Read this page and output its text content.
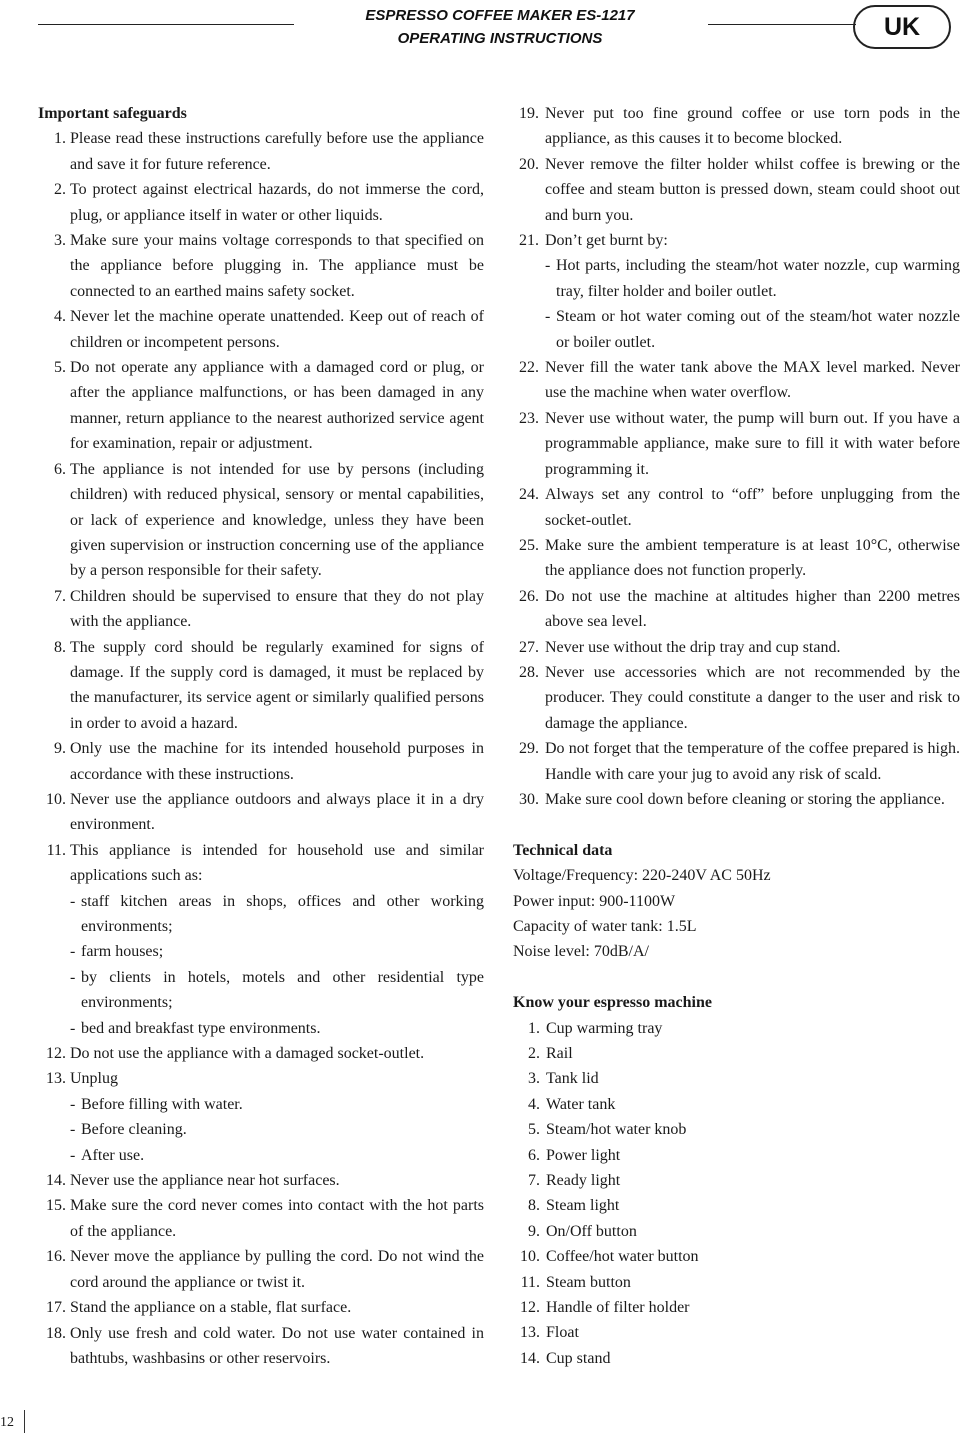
ESPRESSO COFFEE MAKER ES-1217
OPERATING INSTRUCTIONS	UK
Important safeguards
1. Please read these instructions carefully before use the appliance and save it for future reference.
2. To protect against electrical hazards, do not immerse the cord, plug, or appliance itself in water or other liquids.
3. Make sure your mains voltage corresponds to that specified on the appliance before plugging in. The appliance must be connected to an earthed mains safety socket.
4. Never let the machine operate unattended. Keep out of reach of children or incompetent persons.
5. Do not operate any appliance with a damaged cord or plug, or after the appliance malfunctions, or has been damaged in any manner, return appliance to the nearest authorized service agent for examination, repair or adjustment.
6. The appliance is not intended for use by persons (including children) with reduced physical, sensory or mental capabilities, or lack of experience and knowledge, unless they have been given supervision or instruction concerning use of the appliance by a person responsible for their safety.
7. Children should be supervised to ensure that they do not play with the appliance.
8. The supply cord should be regularly examined for signs of damage. If the supply cord is damaged, it must be replaced by the manufacturer, its service agent or similarly qualified persons in order to avoid a hazard.
9. Only use the machine for its intended household purposes in accordance with these instructions.
10. Never use the appliance outdoors and always place it in a dry environment.
11. This appliance is intended for household use and similar applications such as:
- staff kitchen areas in shops, offices and other working environments;
- farm houses;
- by clients in hotels, motels and other residential type environments;
- bed and breakfast type environments.
12. Do not use the appliance with a damaged socket-outlet.
13. Unplug
- Before filling with water.
- Before cleaning.
- After use.
14. Never use the appliance near hot surfaces.
15. Make sure the cord never comes into contact with the hot parts of the appliance.
16. Never move the appliance by pulling the cord. Do not wind the cord around the appliance or twist it.
17. Stand the appliance on a stable, flat surface.
18. Only use fresh and cold water. Do not use water contained in bathtubs, washbasins or other reservoirs.
19. Never put too fine ground coffee or use torn pods in the appliance, as this causes it to become blocked.
20. Never remove the filter holder whilst coffee is brewing or the coffee and steam button is pressed down, steam could shoot out and burn you.
21. Don’t get burnt by:
- Hot parts, including the steam/hot water nozzle, cup warming tray, filter holder and boiler outlet.
- Steam or hot water coming out of the steam/hot water nozzle or boiler outlet.
22. Never fill the water tank above the MAX level marked. Never use the machine when water overflow.
23. Never use without water, the pump will burn out. If you have a programmable appliance, make sure to fill it with water before programming it.
24. Always set any control to “off” before unplugging from the socket-outlet.
25. Make sure the ambient temperature is at least 10°C, otherwise the appliance does not function properly.
26. Do not use the machine at altitudes higher than 2200 metres above sea level.
27. Never use without the drip tray and cup stand.
28. Never use accessories which are not recommended by the producer. They could constitute a danger to the user and risk to damage the appliance.
29. Do not forget that the temperature of the coffee prepared is high. Handle with care your jug to avoid any risk of scald.
30. Make sure cool down before cleaning or storing the appliance.
Technical data
Voltage/Frequency: 220-240V AC 50Hz
Power input: 900-1100W
Capacity of water tank: 1.5L
Noise level: 70dB/A/
Know your espresso machine
1. Cup warming tray
2. Rail
3. Tank lid
4. Water tank
5. Steam/hot water knob
6. Power light
7. Ready light
8. Steam light
9. On/Off button
10. Coffee/hot water button
11. Steam button
12. Handle of filter holder
13. Float
14. Cup stand
12
